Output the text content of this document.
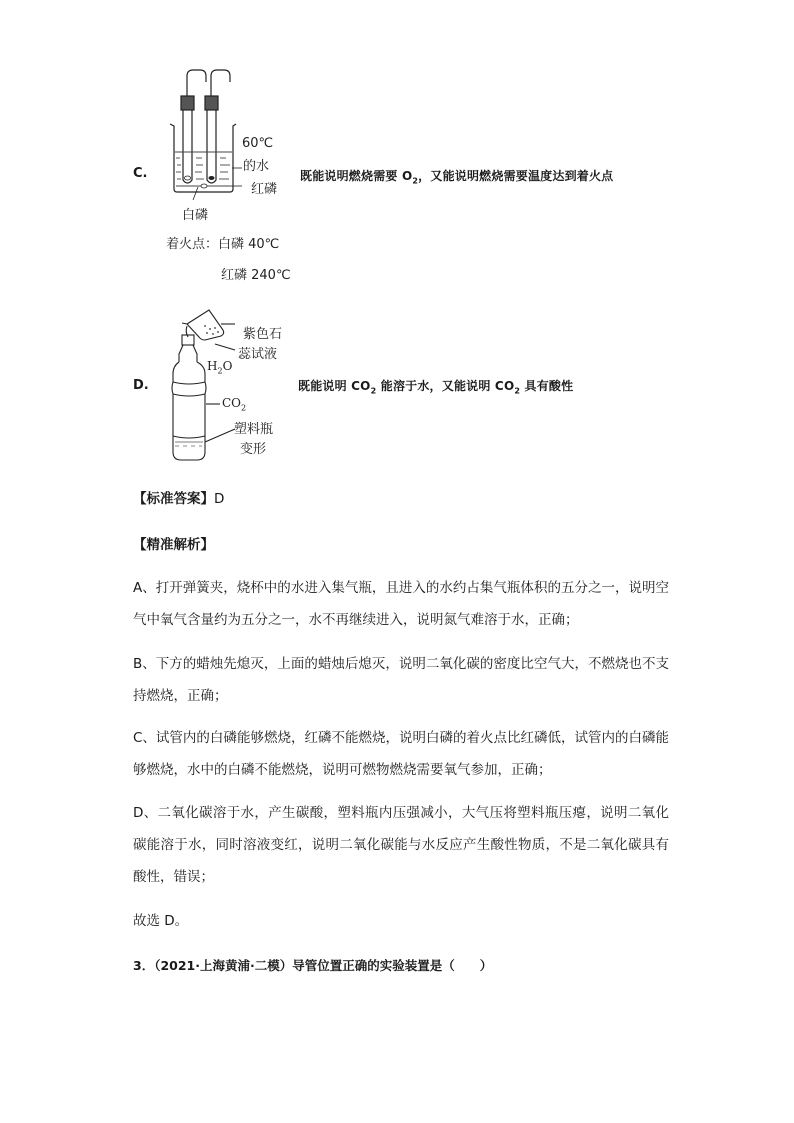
C.
60℃
的水
红磷
白磷
着火点：白磷 40℃
红磷 240℃
既能说明燃烧需要 $O_2$，又能说明燃烧需要温度达到着火点
D.
紫色石
蕊试液
$H_2O$
$CO_2$
塑料瓶
变形
既能说明 $CO_2$ 能溶于水，又能说明 $CO_2$ 具有酸性
【标准答案】D
【精准解析】

A、打开弹簧夹，烧杯中的水进入集气瓶，且进入的水约占集气瓶体积的五分之一，说明空气中氧气含量约为五分之一，水不再继续进入，说明氮气难溶于水，正确；

B、下方的蜡烛先熄灭，上面的蜡烛后熄灭，说明二氧化碳的密度比空气大，不燃烧也不支持燃烧，正确；

C、试管内的白磷能够燃烧，红磷不能燃烧，说明白磷的着火点比红磷低，试管内的白磷能够燃烧，水中的白磷不能燃烧，说明可燃物燃烧需要氧气参加，正确；

D、二氧化碳溶于水，产生碳酸，塑料瓶内压强减小，大气压将塑料瓶压瘪，说明二氧化碳能溶于水，同时溶液变红，说明二氧化碳能与水反应产生酸性物质，不是二氧化碳具有酸性，错误；

故选 D。
3．（2021·上海黄浦·二模）导管位置正确的实验装置是（　　）
